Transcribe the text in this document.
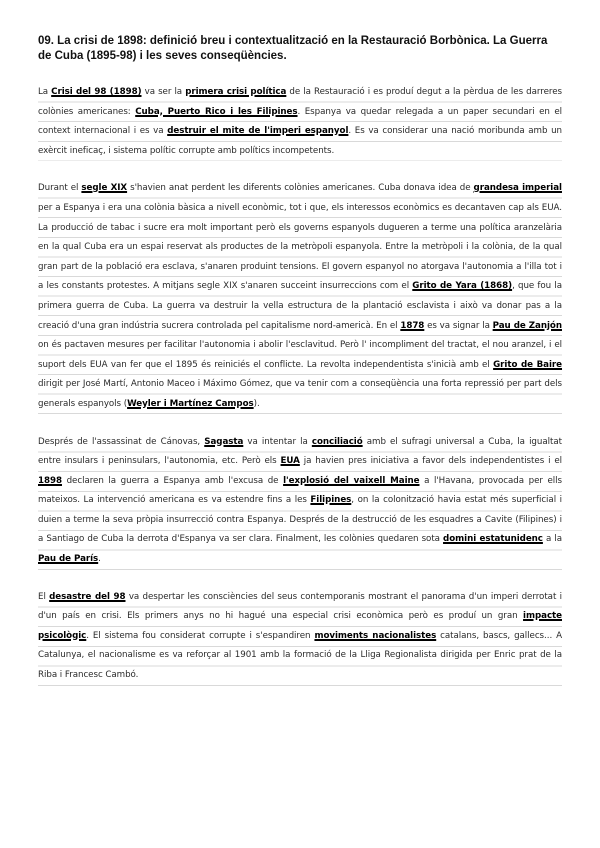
09. La crisi de 1898: definició breu i contextualització en la Restauració Borbònica. La Guerra de Cuba (1895-98) i les seves conseqüències.

La Crisi del 98 (1898) va ser la primera crisi política de la Restauració i es produí degut a la pèrdua de les darreres colònies americanes: Cuba, Puerto Rico i les Filipines. Espanya va quedar relegada a un paper secundari en el context internacional i es va destruir el mite de l'imperi espanyol. Es va considerar una nació moribunda amb un exèrcit ineficaç, i sistema polític corrupte amb polítics incompetents.

Durant el segle XIX s'havien anat perdent les diferents colònies americanes. Cuba donava idea de grandesa imperial per a Espanya i era una colònia bàsica a nivell econòmic, tot i que, els interessos econòmics es decantaven cap als EUA. La producció de tabac i sucre era molt important però els governs espanyols dugueren a terme una política aranzelària en la qual Cuba era un espai reservat als productes de la metròpoli espanyola. Entre la metròpoli i la colònia, de la qual gran part de la població era esclava, s'anaren produint tensions. El govern espanyol no atorgava l'autonomia a l'illa tot i a les constants protestes. A mitjans segle XIX s'anaren succeint insurreccions com el Grito de Yara (1868), que fou la primera guerra de Cuba. La guerra va destruir la vella estructura de la plantació esclavista i això va donar pas a la creació d'una gran indústria sucrera controlada pel capitalisme nord-americà. En el 1878 es va signar la Pau de Zanjón on és pactaven mesures per facilitar l'autonomia i abolir l'esclavitud. Però l' incompliment del tractat, el nou aranzel, i el suport dels EUA van fer que el 1895 és reiniciés el conflicte. La revolta independentista s'inicià amb el Grito de Baire dirigit per José Martí, Antonio Maceo i Máximo Gómez, que va tenir com a conseqüència una forta repressió per part dels generals espanyols (Weyler i Martínez Campos).

Després de l'assassinat de Cánovas, Sagasta va intentar la conciliació amb el sufragi universal a Cuba, la igualtat entre insulars i peninsulars, l'autonomia, etc. Però els EUA ja havien pres iniciativa a favor dels independentistes i el 1898 declaren la guerra a Espanya amb l'excusa de l'explosió del vaixell Maine a l'Havana, provocada per ells mateixos. La intervenció americana es va estendre fins a les Filipines, on la colonització havia estat més superficial i duien a terme la seva pròpia insurrecció contra Espanya. Després de la destrucció de les esquadres a Cavite (Filipines) i a Santiago de Cuba la derrota d'Espanya va ser clara. Finalment, les colònies quedaren sota domini estatunidenc a la Pau de París.

El desastre del 98 va despertar les consciències del seus contemporanis mostrant el panorama d'un imperi derrotat i d'un país en crisi. Els primers anys no hi hagué una especial crisi econòmica però es produí un gran impacte psicològic. El sistema fou considerat corrupte i s'espandiren moviments nacionalistes catalans, bascs, gallecs... A Catalunya, el nacionalisme es va reforçar al 1901 amb la formació de la Lliga Regionalista dirigida per Enric prat de la Riba i Francesc Cambó.
